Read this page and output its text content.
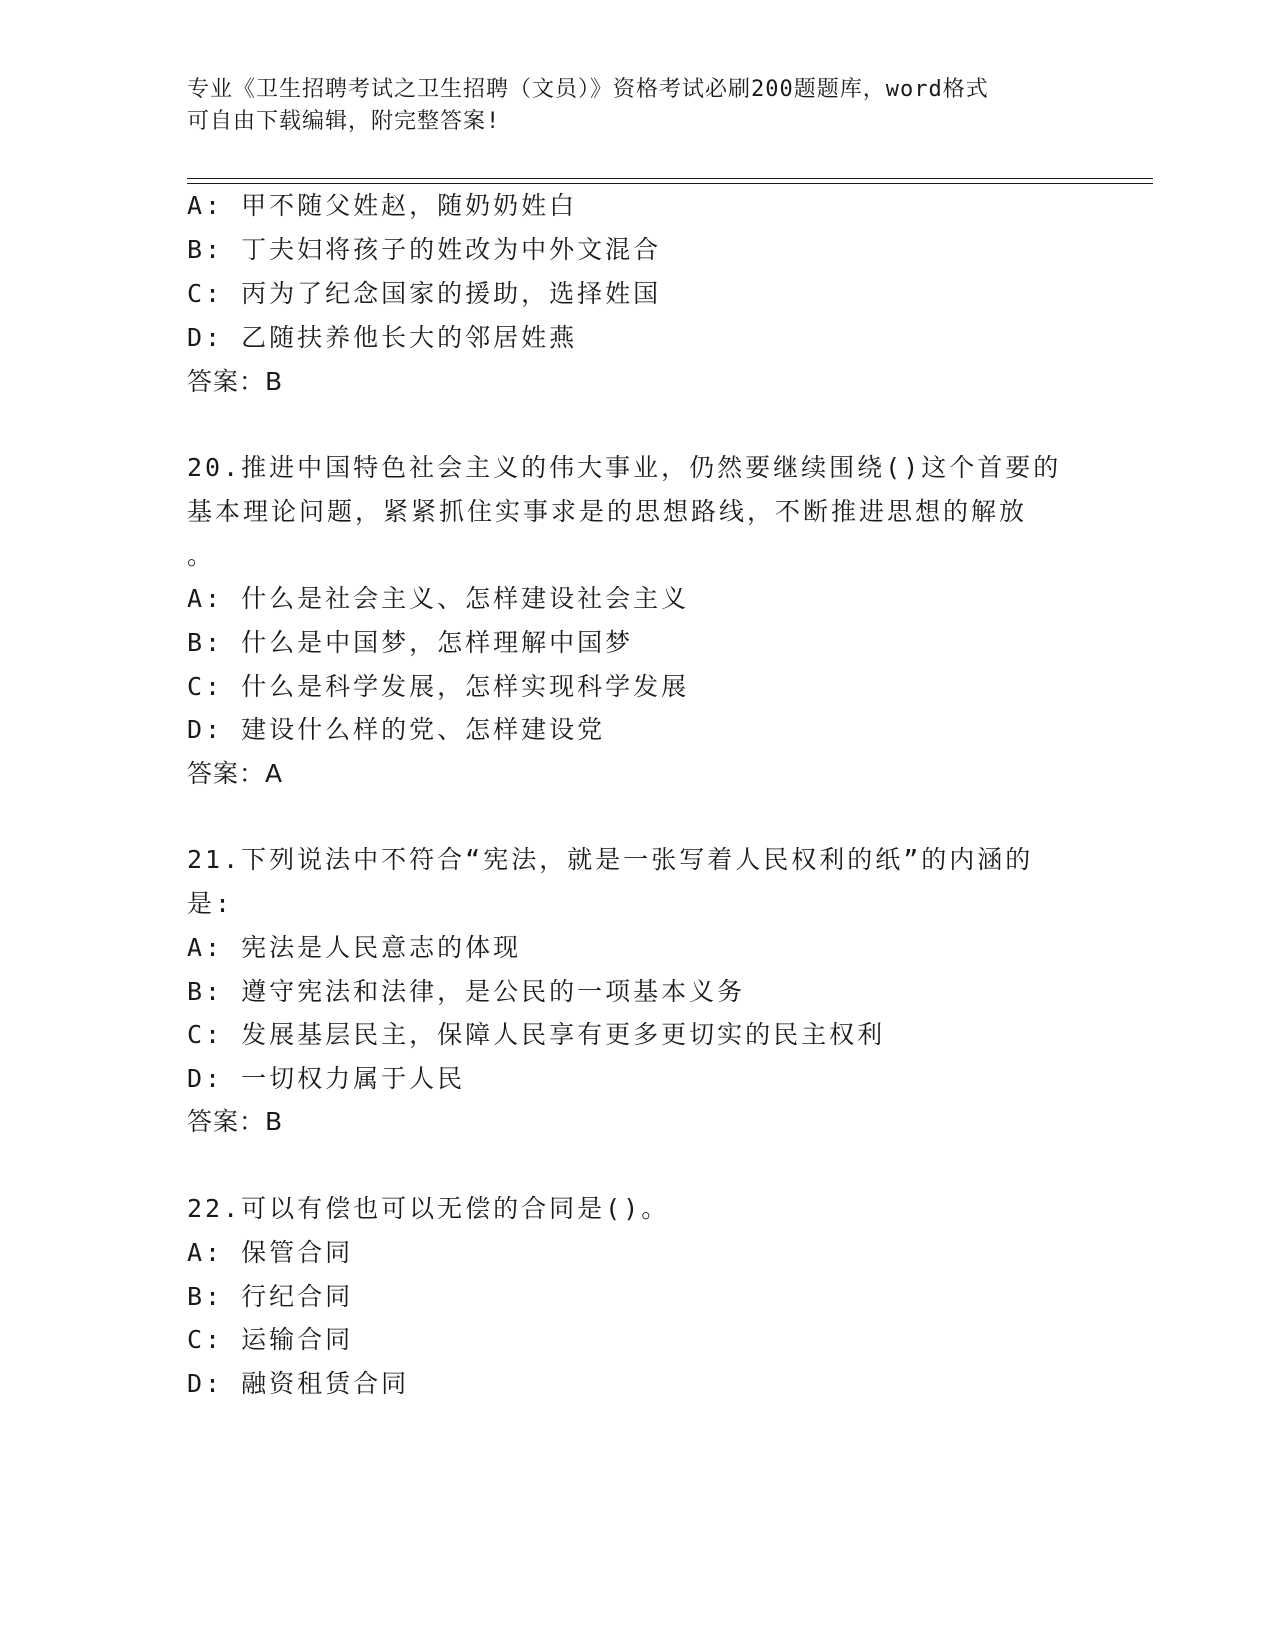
专业《卫生招聘考试之卫生招聘（文员）》资格考试必刷200题题库，word格式
可自由下载编辑，附完整答案!
A: 甲不随父姓赵，随奶奶姓白
B: 丁夫妇将孩子的姓改为中外文混合
C: 丙为了纪念国家的援助，选择姓国
D: 乙随扶养他长大的邻居姓燕
答案：B
20.推进中国特色社会主义的伟大事业，仍然要继续围绕()这个首要的
基本理论问题，紧紧抓住实事求是的思想路线，不断推进思想的解放
。
A: 什么是社会主义、怎样建设社会主义
B: 什么是中国梦，怎样理解中国梦
C: 什么是科学发展，怎样实现科学发展
D: 建设什么样的党、怎样建设党
答案：A
21.下列说法中不符合“宪法，就是一张写着人民权利的纸”的内涵的
是:
A: 宪法是人民意志的体现
B: 遵守宪法和法律，是公民的一项基本义务
C: 发展基层民主，保障人民享有更多更切实的民主权利
D: 一切权力属于人民
答案：B
22.可以有偿也可以无偿的合同是()。
A: 保管合同
B: 行纪合同
C: 运输合同
D: 融资租赁合同
